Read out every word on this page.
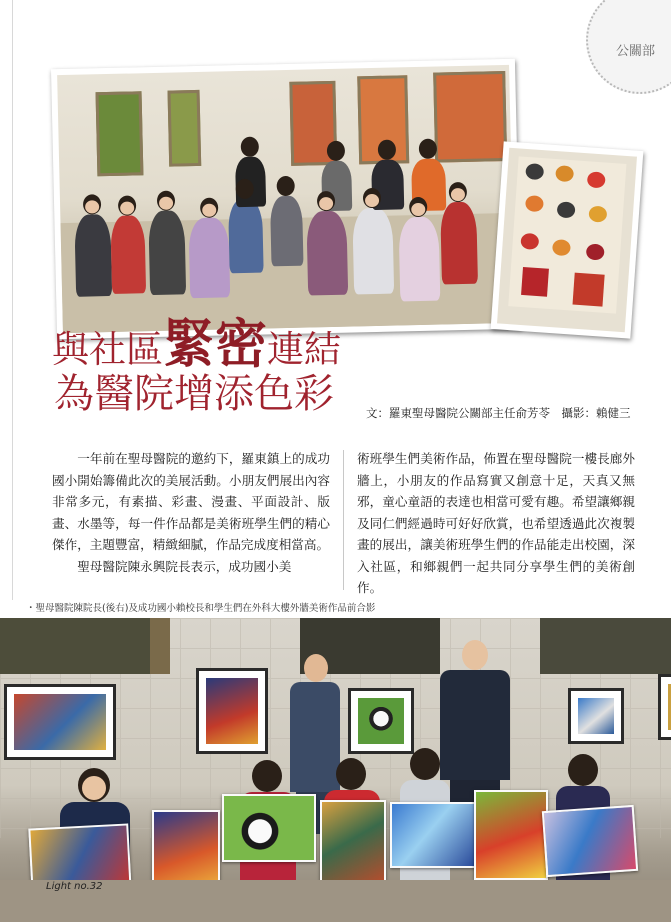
公關部
與社區緊密連結
為醫院增添色彩	文：羅東聖母醫院公關部主任俞芳苓　攝影：賴健三

一年前在聖母醫院的邀約下，羅東鎮上的成功國小開始籌備此次的美展活動。小朋友們展出內容非常多元，有素描、彩畫、漫畫、平面設計、版畫、水墨等，每一件作品都是美術班學生們的精心傑作，主題豐富，精緻細膩，作品完成度相當高。

聖母醫院陳永興院長表示，成功國小美

術班學生們美術作品，佈置在聖母醫院一樓長廊外牆上，小朋友的作品寫實又創意十足，天真又無邪，童心童語的表達也相當可愛有趣。希望讓鄉親及同仁們經過時可好好欣賞，也希望透過此次複製畫的展出，讓美術班學生們的作品能走出校園，深入社區，和鄉親們一起共同分享學生們的美術創作。

・聖母醫院陳院長(後右)及成功國小賴校長和學生們在外科大樓外牆美術作品前合影
Light no.32
